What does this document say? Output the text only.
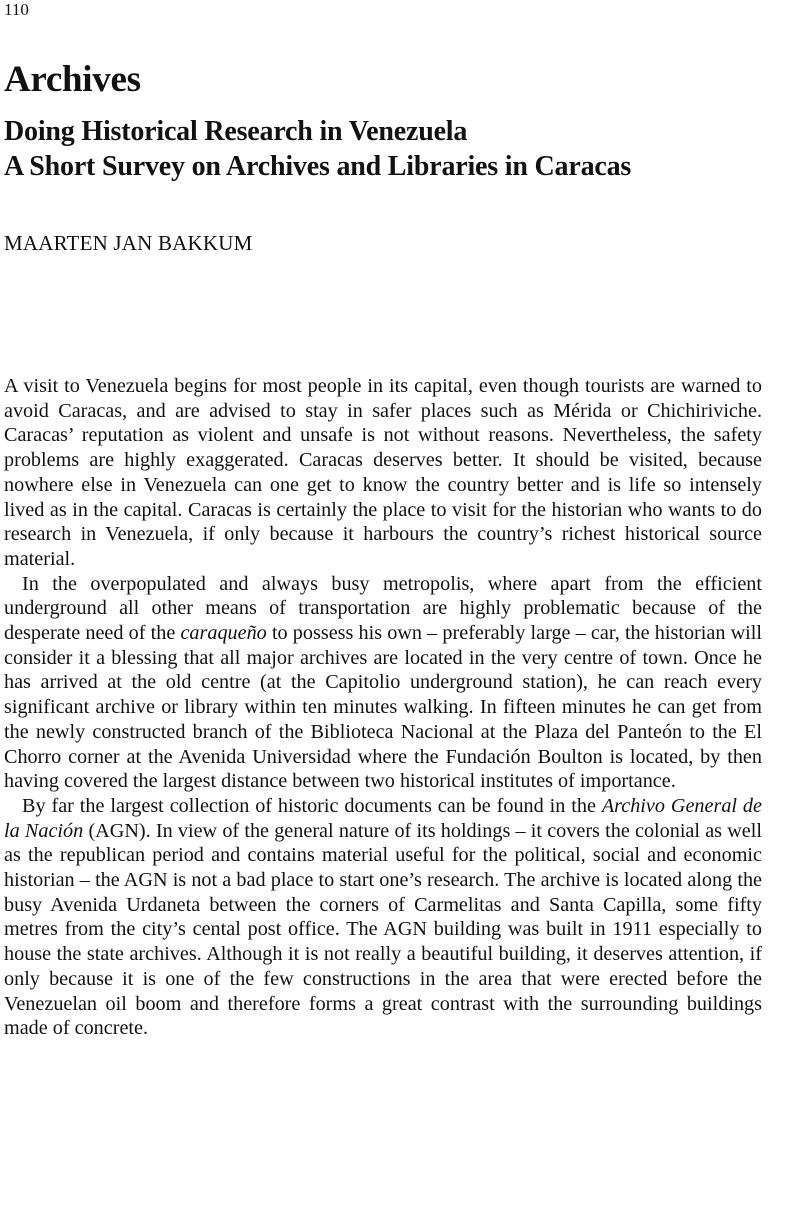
110
Archives
Doing Historical Research in Venezuela
A Short Survey on Archives and Libraries in Caracas
MAARTEN JAN BAKKUM

A visit to Venezuela begins for most people in its capital, even though tourists are warned to avoid Caracas, and are advised to stay in safer places such as Mérida or Chichiriviche. Caracas’ reputation as violent and unsafe is not without reasons. Nevertheless, the safety problems are highly exaggerated. Caracas deserves better. It should be visited, because nowhere else in Venezuela can one get to know the country better and is life so intensely lived as in the capital. Caracas is certainly the place to visit for the historian who wants to do research in Venezuela, if only because it harbours the country’s richest historical source material.

In the overpopulated and always busy metropolis, where apart from the efficient underground all other means of transportation are highly problematic because of the desperate need of the caraqueño to possess his own – preferably large – car, the historian will consider it a blessing that all major archives are located in the very centre of town. Once he has arrived at the old centre (at the Capitolio underground station), he can reach every significant archive or library within ten minutes walking. In fifteen minutes he can get from the newly constructed branch of the Biblioteca Nacional at the Plaza del Panteón to the El Chorro corner at the Avenida Universidad where the Fundación Boulton is located, by then having covered the largest distance between two historical institutes of importance.

By far the largest collection of historic documents can be found in the Archivo General de la Nación (AGN). In view of the general nature of its holdings – it covers the colonial as well as the republican period and contains material useful for the political, social and economic historian – the AGN is not a bad place to start one’s research. The archive is located along the busy Avenida Urdaneta between the corners of Carmelitas and Santa Capilla, some fifty metres from the city’s cental post office. The AGN building was built in 1911 especially to house the state archives. Although it is not really a beautiful building, it deserves attention, if only because it is one of the few constructions in the area that were erected before the Venezuelan oil boom and therefore forms a great contrast with the surrounding buildings made of concrete.
